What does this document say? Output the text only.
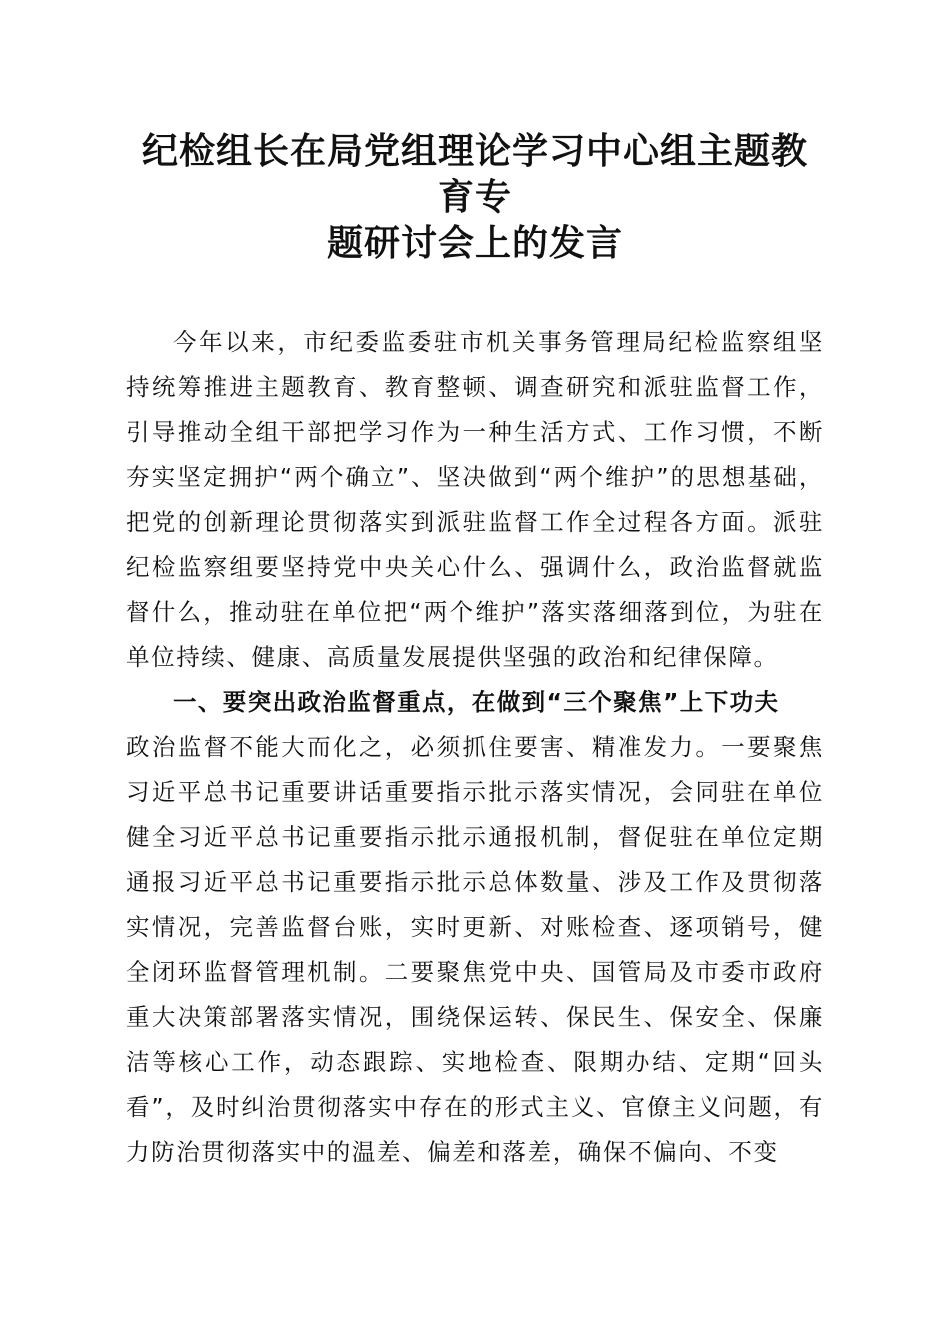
纪检组长在局党组理论学习中心组主题教育专
题研讨会上的发言

今年以来，市纪委监委驻市机关事务管理局纪检监察组坚持统筹推进主题教育、教育整顿、调查研究和派驻监督工作，引导推动全组干部把学习作为一种生活方式、工作习惯，不断夯实坚定拥护“两个确立”、坚决做到“两个维护”的思想基础，把党的创新理论贯彻落实到派驻监督工作全过程各方面。派驻纪检监察组要坚持党中央关心什么、强调什么，政治监督就监督什么，推动驻在单位把“两个维护”落实落细落到位，为驻在单位持续、健康、高质量发展提供坚强的政治和纪律保障。

一、要突出政治监督重点，在做到“三个聚焦”上下功夫

政治监督不能大而化之，必须抓住要害、精准发力。一要聚焦习近平总书记重要讲话重要指示批示落实情况，会同驻在单位健全习近平总书记重要指示批示通报机制，督促驻在单位定期通报习近平总书记重要指示批示总体数量、涉及工作及贯彻落实情况，完善监督台账，实时更新、对账检查、逐项销号，健全闭环监督管理机制。二要聚焦党中央、国管局及市委市政府重大决策部署落实情况，围绕保运转、保民生、保安全、保廉洁等核心工作，动态跟踪、实地检查、限期办结、定期“回头看”，及时纠治贯彻落实中存在的形式主义、官僚主义问题，有力防治贯彻落实中的温差、偏差和落差，确保不偏向、不变
